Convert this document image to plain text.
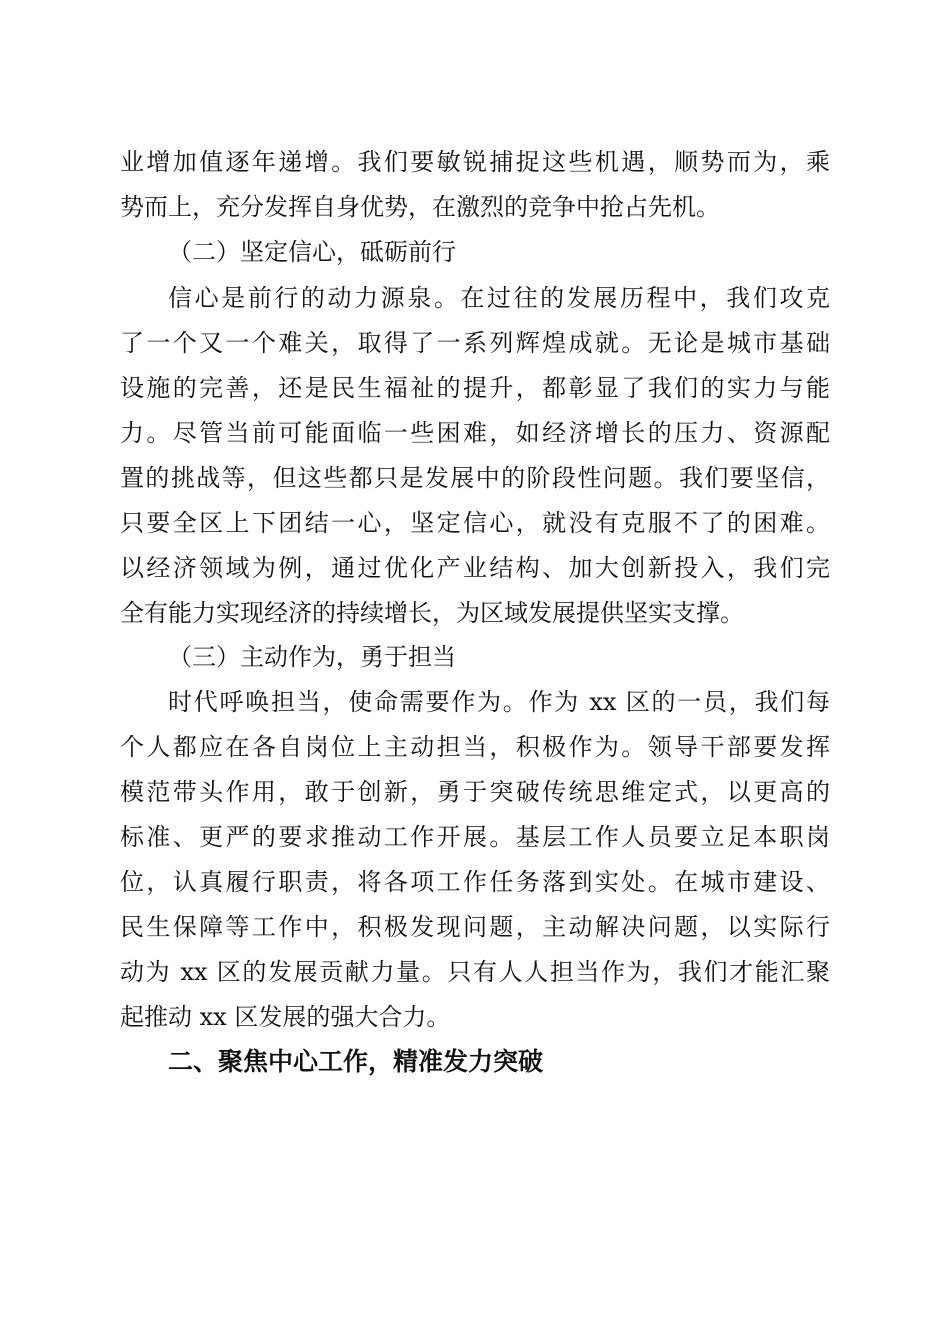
业增加值逐年递增。我们要敏锐捕捉这些机遇，顺势而为，乘
势而上，充分发挥自身优势，在激烈的竞争中抢占先机。
（二）坚定信心，砥砺前行
信心是前行的动力源泉。在过往的发展历程中，我们攻克
了一个又一个难关，取得了一系列辉煌成就。无论是城市基础
设施的完善，还是民生福祉的提升，都彰显了我们的实力与能
力。尽管当前可能面临一些困难，如经济增长的压力、资源配
置的挑战等，但这些都只是发展中的阶段性问题。我们要坚信，
只要全区上下团结一心，坚定信心，就没有克服不了的困难。
以经济领域为例，通过优化产业结构、加大创新投入，我们完
全有能力实现经济的持续增长，为区域发展提供坚实支撑。
（三）主动作为，勇于担当
时代呼唤担当，使命需要作为。作为 xx 区的一员，我们每
个人都应在各自岗位上主动担当，积极作为。领导干部要发挥
模范带头作用，敢于创新，勇于突破传统思维定式，以更高的
标准、更严的要求推动工作开展。基层工作人员要立足本职岗
位，认真履行职责，将各项工作任务落到实处。在城市建设、
民生保障等工作中，积极发现问题，主动解决问题，以实际行
动为 xx 区的发展贡献力量。只有人人担当作为，我们才能汇聚
起推动 xx 区发展的强大合力。
二、聚焦中心工作，精准发力突破
